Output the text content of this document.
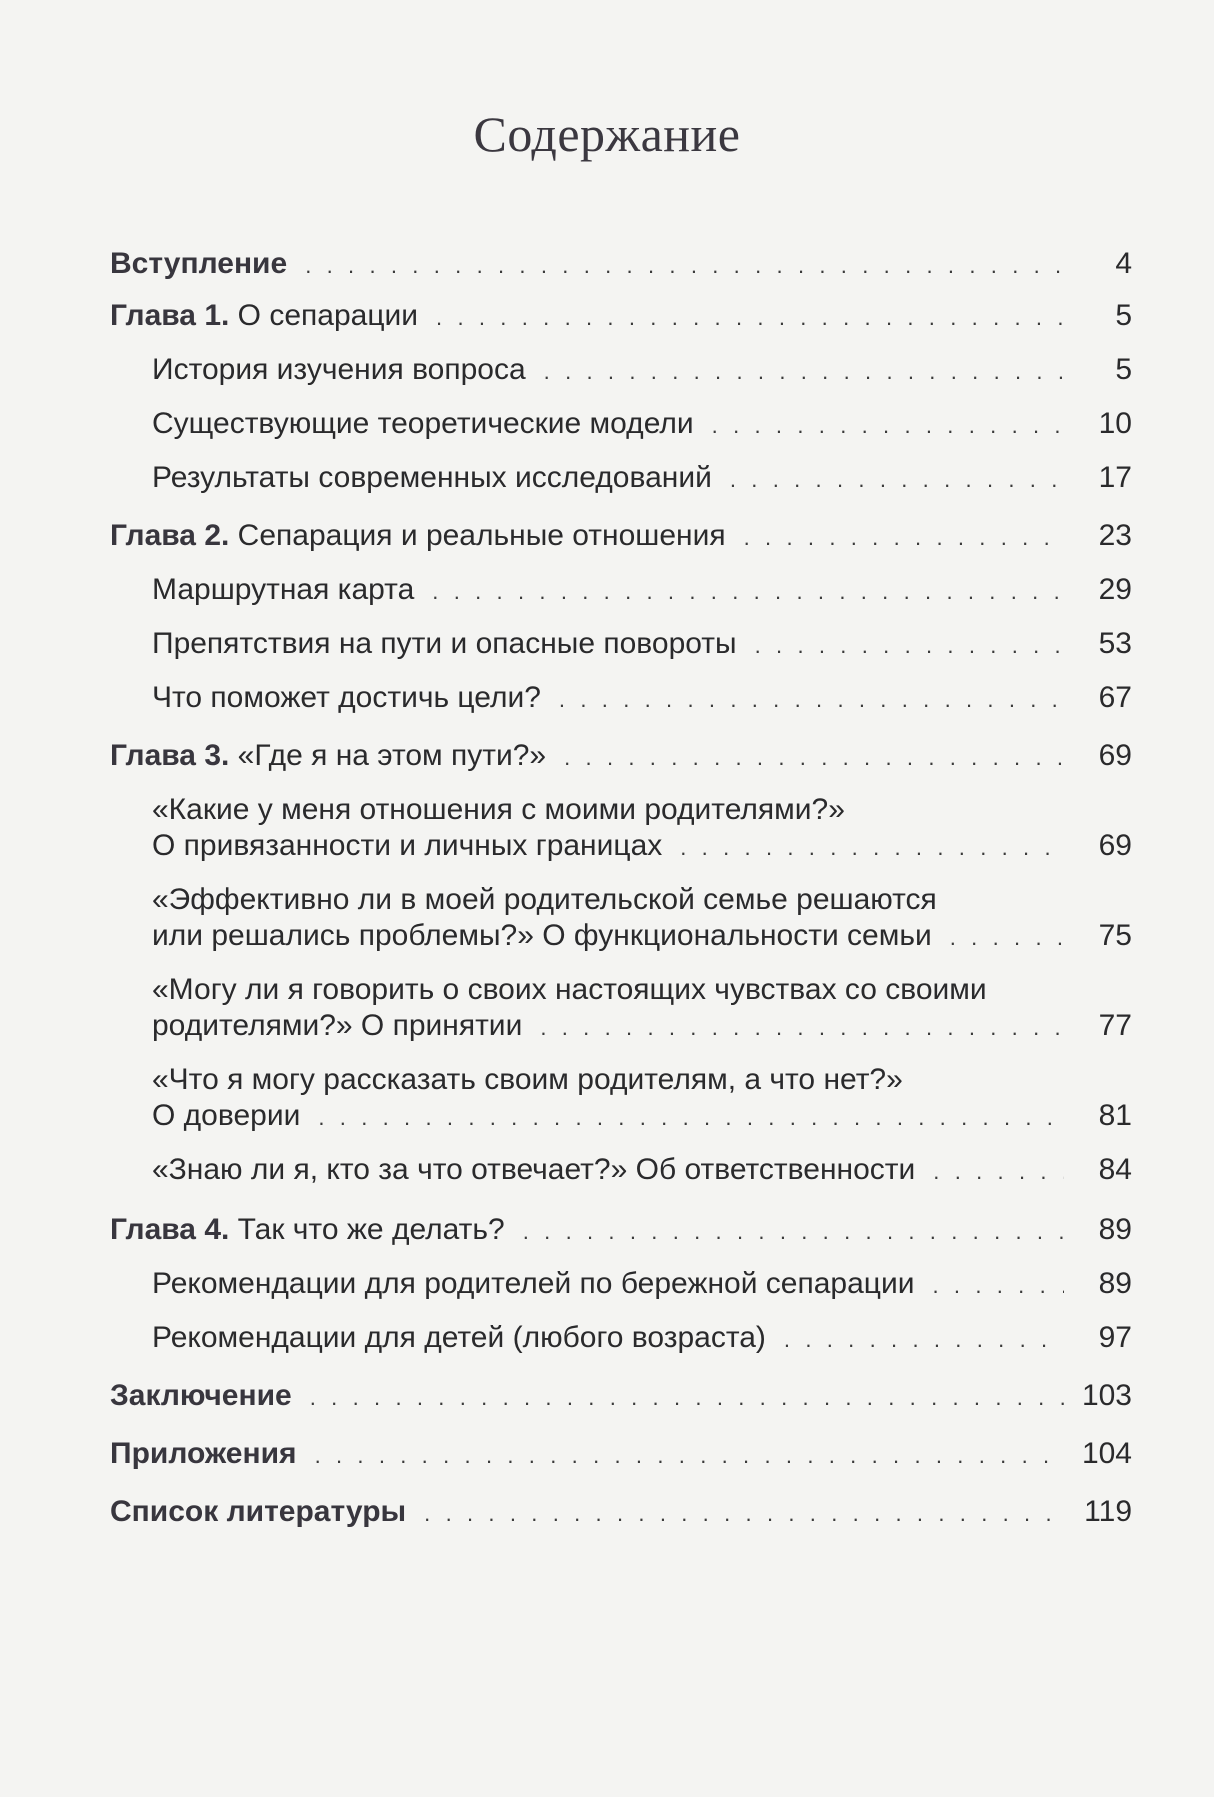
Содержание
Вступление . . .	4
Глава 1. О сепарации . . .	5
История изучения вопроса . . .	5
Существующие теоретические модели . . .	10
Результаты современных исследований . . .	17
Глава 2. Сепарация и реальные отношения . . .	23
Маршрутная карта . . .	29
Препятствия на пути и опасные повороты . . .	53
Что поможет достичь цели? . . .	67
Глава 3. «Где я на этом пути?» . . .	69
«Какие у меня отношения с моими родителями?»
О привязанности и личных границах . . .	69
«Эффективно ли в моей родительской семье решаются
или решались проблемы?» О функциональности семьи . . .	75
«Могу ли я говорить о своих настоящих чувствах со своими
родителями?» О принятии . . .	77
«Что я могу рассказать своим родителям, а что нет?»
О доверии . . .	81
«Знаю ли я, кто за что отвечает?» Об ответственности . . .	84
Глава 4. Так что же делать? . . .	89
Рекомендации для родителей по бережной сепарации . . .	89
Рекомендации для детей (любого возраста) . . .	97
Заключение . . .	103
Приложения . . .	104
Список литературы . . .	119
